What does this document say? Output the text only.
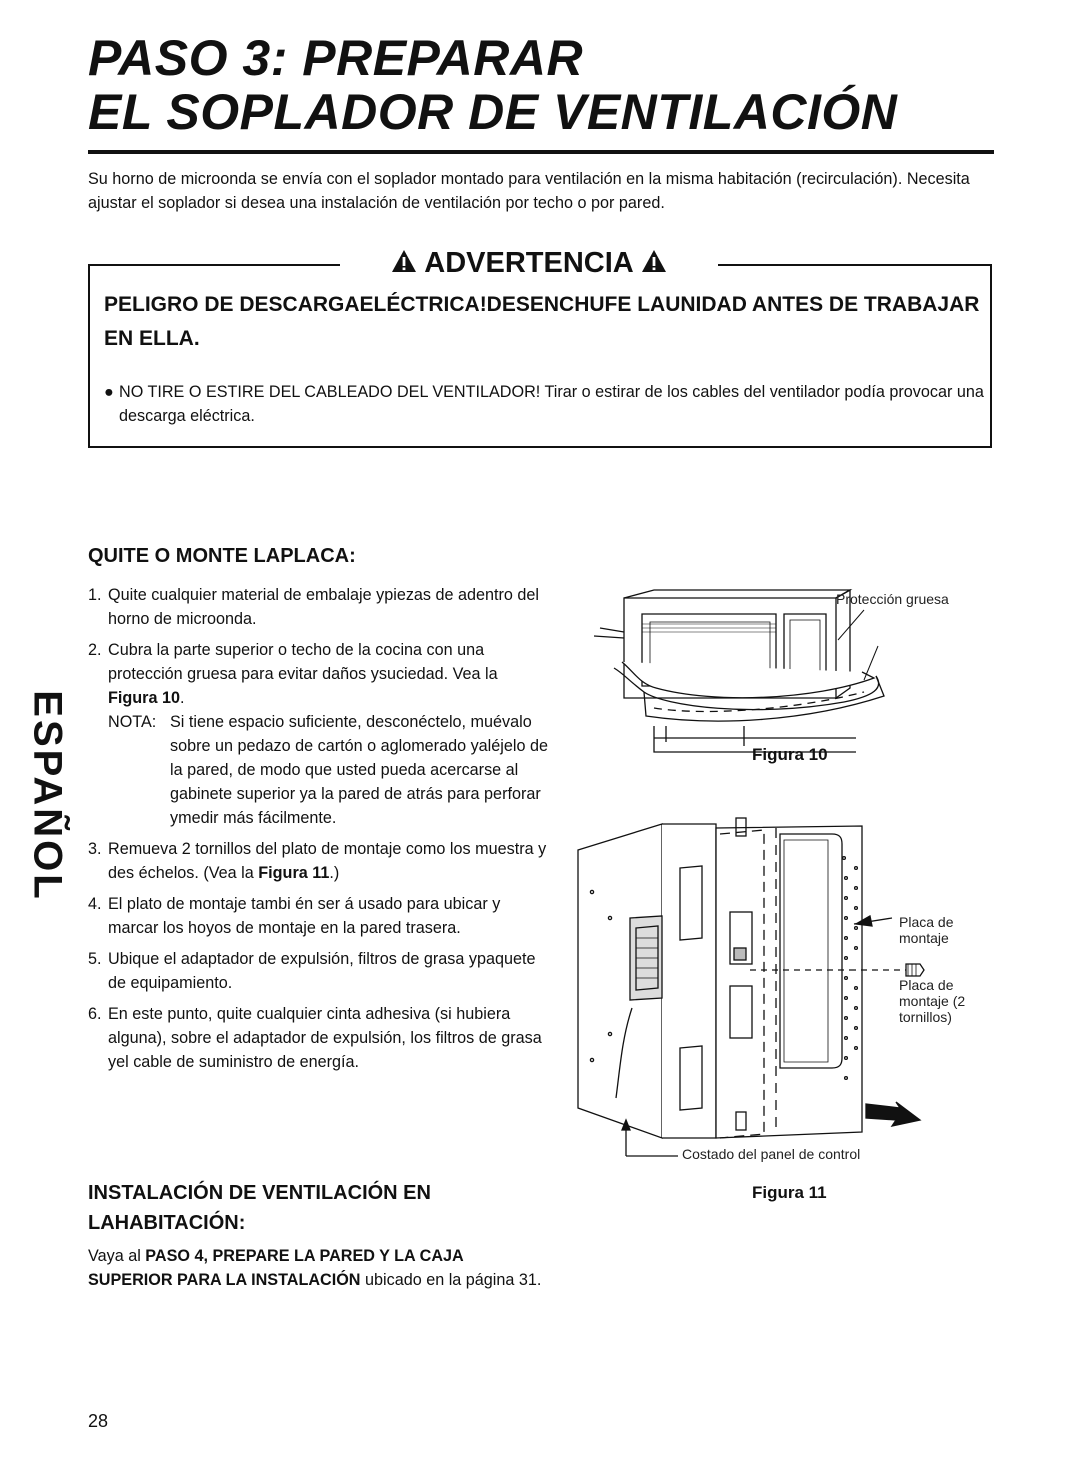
PASO 3: PREPARAR
EL SOPLADOR DE VENTILACIÓN
Su horno de microonda se envía con el soplador montado para ventilación en la misma habitación (recirculación). Necesita ajustar el soplador si desea una instalación de ventilación por techo o por pared.
ADVERTENCIA
PELIGRO DE DESCARGAELÉCTRICA!DESENCHUFE LAUNIDAD ANTES DE TRABAJAR EN ELLA.
● NO TIRE O ESTIRE DEL CABLEADO DEL VENTILADOR! Tirar o estirar de los cables del ventilador podía provocar una descarga eléctrica.
ESPAÑOL
QUITE O MONTE LAPLACA:
1. Quite cualquier material de embalaje ypiezas de adentro del horno de microonda.
2. Cubra la parte superior o techo de la cocina con una protección gruesa para evitar daños ysuciedad. Vea la Figura 10.
NOTA: Si tiene espacio suficiente, desconéctelo, muévalo sobre un pedazo de cartón o aglomerado yaléjelo de la pared, de modo que usted pueda acercarse al gabinete superior ya la pared de atrás para perforar ymedir más fácilmente.
3. Remueva 2 tornillos del plato de montaje como los muestra y des échelos. (Vea la Figura 11.)
4. El plato de montaje tambi én ser á usado para ubicar y marcar los hoyos de montaje en la pared trasera.
5. Ubique el adaptador de expulsión, filtros de grasa ypaquete de equipamiento.
6. En este punto, quite cualquier cinta adhesiva (si hubiera alguna), sobre el adaptador de expulsión, los filtros de grasa yel cable de suministro de energía.
Protección gruesa
Figura 10
Placa de montaje
Placa de montaje (2 tornillos)
Costado del panel de control
Figura 11
INSTALACIÓN DE VENTILACIÓN EN LAHABITACIÓN:
Vaya al PASO 4, PREPARE LA PARED Y LA CAJA SUPERIOR PARA LA INSTALACIÓN ubicado en la página 31.
28
